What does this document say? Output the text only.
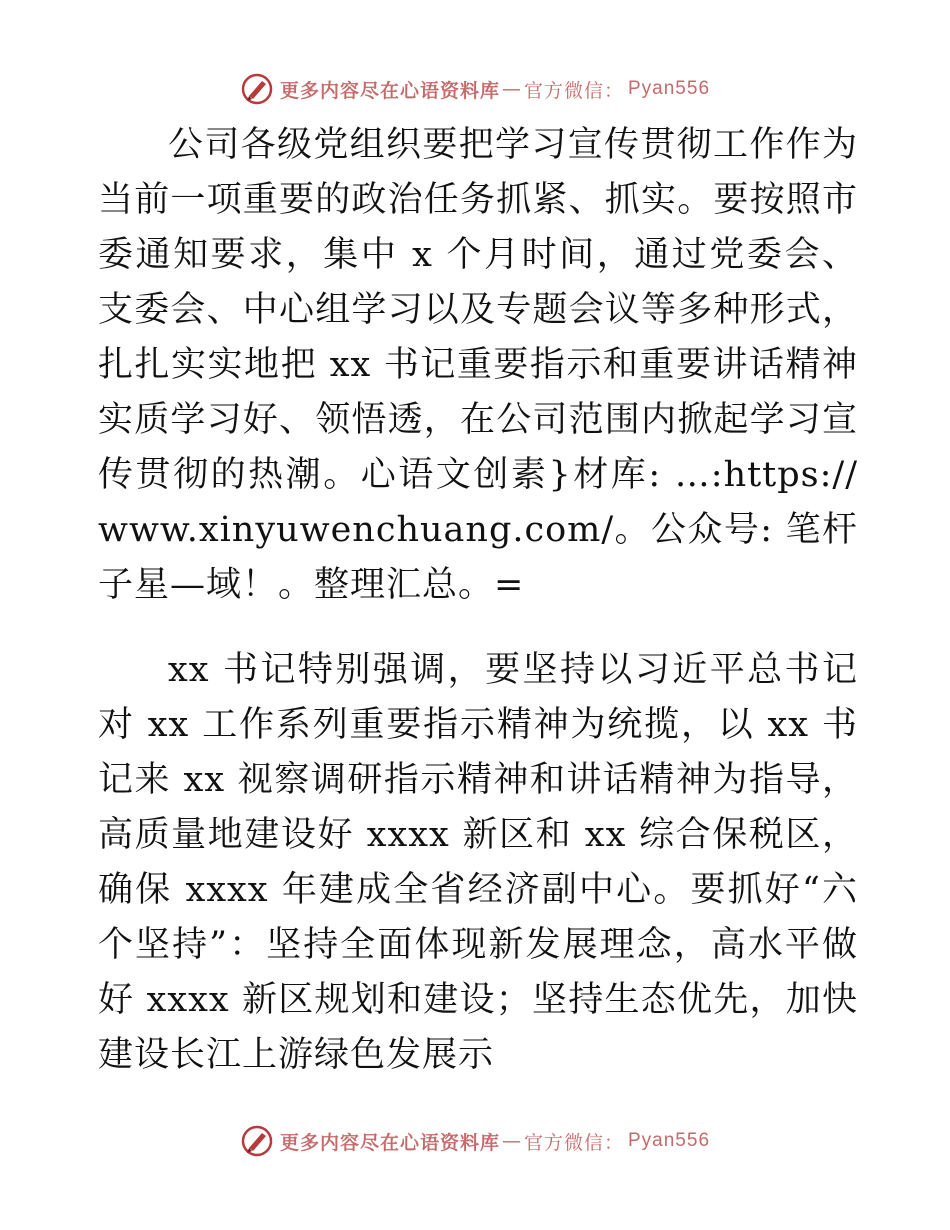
更多内容尽在心语资料库 — 官方微信： Pyan556

公司各级党组织要把学习宣传贯彻工作作为当前一项重要的政治任务抓紧、抓实。要按照市委通知要求，集中 x 个月时间，通过党委会、支委会、中心组学习以及专题会议等多种形式，扎扎实实地把 xx 书记重要指示和重要讲话精神实质学习好、领悟透，在公司范围内掀起学习宣传贯彻的热潮。心语文创素}材库: …:https:// www.xinyuwenchuang.com/。公众号: 笔杆子星—域！。整理汇总。=

xx 书记特别强调，要坚持以习近平总书记对 xx 工作系列重要指示精神为统揽，以 xx 书记来 xx 视察调研指示精神和讲话精神为指导，高质量地建设好 xxxx 新区和 xx 综合保税区，确保 xxxx 年建成全省经济副中心。要抓好“六个坚持”：坚持全面体现新发展理念，高水平做好 xxxx 新区规划和建设；坚持生态优先，加快建设长江上游绿色发展示

更多内容尽在心语资料库 — 官方微信： Pyan556
